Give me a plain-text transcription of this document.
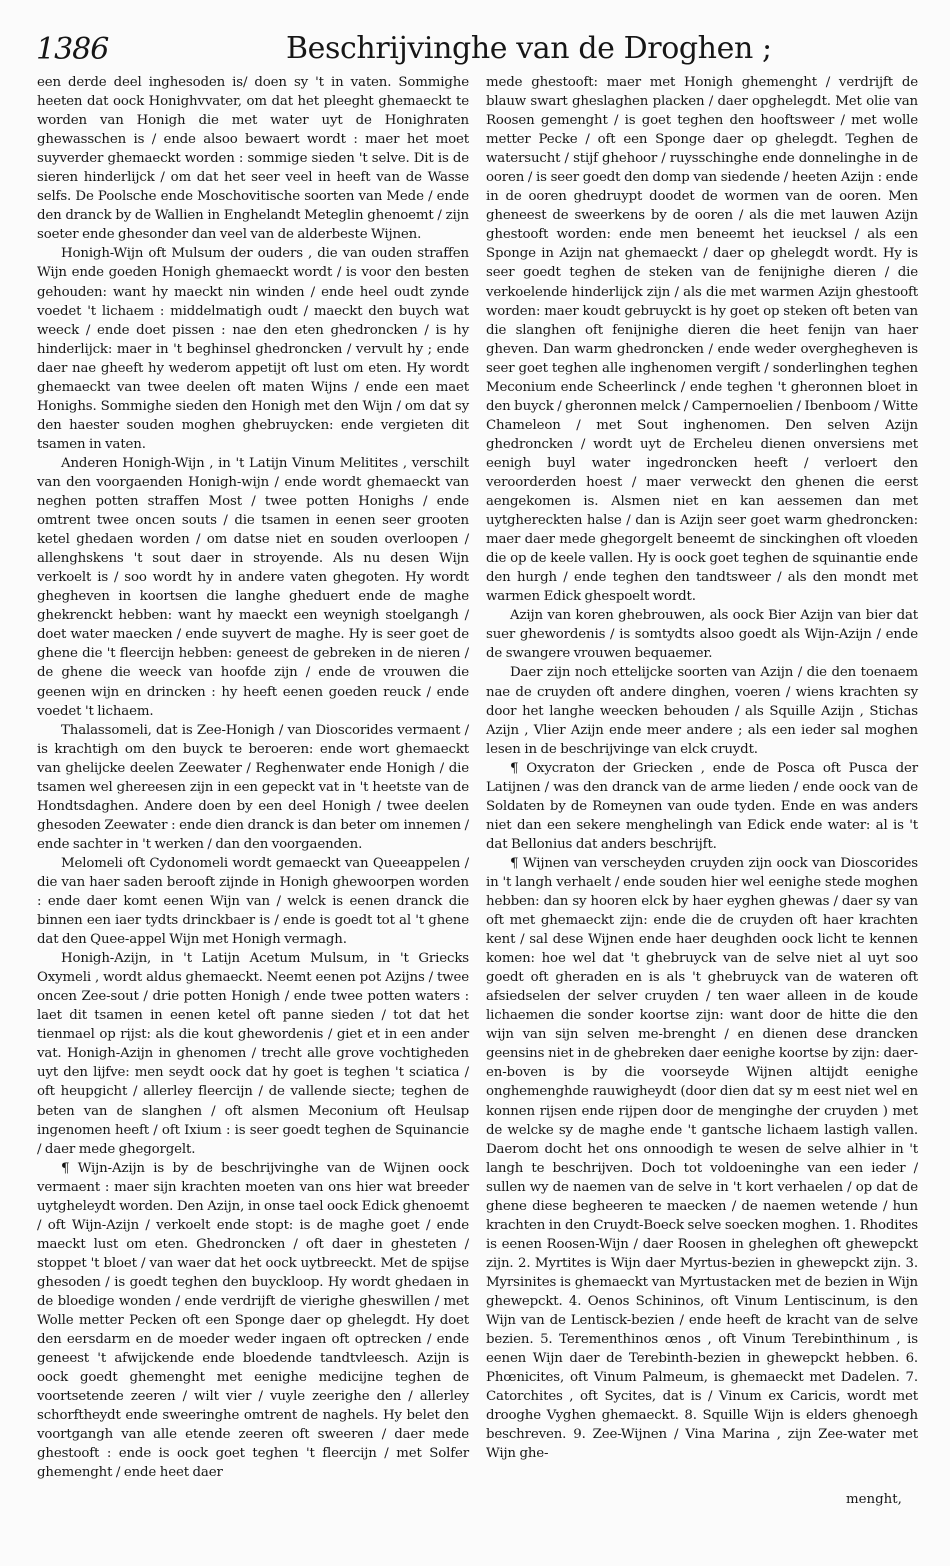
1386	Beschrijvinghe van de Droghen ;

een derde deel inghesoden is/ doen sy 't in vaten. Sommighe heeten dat oock Honighvvater, om dat het pleeght ghemaeckt te worden van Honigh die met water uyt de Honighraten ghewasschen is / ende alsoo bewaert wordt : maer het moet suyverder ghemaeckt worden : sommige sieden 't selve. Dit is de sieren hinderlijck / om dat het seer veel in heeft van de Wasse selfs. De Poolsche ende Moschovitische soorten van Mede / ende den dranck by de Wallien in Enghelandt Meteglin ghenoemt / zijn soeter ende ghesonder dan veel van de alderbeste Wijnen.

Honigh-Wijn oft Mulsum der ouders , die van ouden straffen Wijn ende goeden Honigh ghemaeckt wordt / is voor den besten gehouden: want hy maeckt nin winden / ende heel oudt zynde voedet 't lichaem : middelmatigh oudt / maeckt den buych wat weeck / ende doet pissen : nae den eten ghedroncken / is hy hinderlijck: maer in 't beghinsel ghedroncken / vervult hy ; ende daer nae gheeft hy wederom appetijt oft lust om eten. Hy wordt ghemaeckt van twee deelen oft maten Wijns / ende een maet Honighs. Sommighe sieden den Honigh met den Wijn / om dat sy den haester souden moghen ghebruycken: ende vergieten dit tsamen in vaten.

Anderen Honigh-Wijn , in 't Latijn Vinum Melitites , verschilt van den voorgaenden Honigh-wijn / ende wordt ghemaeckt van neghen potten straffen Most / twee potten Honighs / ende omtrent twee oncen souts / die tsamen in eenen seer grooten ketel ghedaen worden / om datse niet en souden overloopen / allenghskens 't sout daer in stroyende. Als nu desen Wijn verkoelt is / soo wordt hy in andere vaten ghegoten. Hy wordt ghegheven in koortsen die langhe gheduert ende de maghe ghekrenckt hebben: want hy maeckt een weynigh stoelgangh / doet water maecken / ende suyvert de maghe. Hy is seer goet de ghene die 't fleercijn hebben: geneest de gebreken in de nieren / de ghene die weeck van hoofde zijn / ende de vrouwen die geenen wijn en drincken : hy heeft eenen goeden reuck / ende voedet 't lichaem.

Thalassomeli, dat is Zee-Honigh / van Dioscorides vermaent / is krachtigh om den buyck te beroeren: ende wort ghemaeckt van ghelijcke deelen Zeewater / Reghenwater ende Honigh / die tsamen wel ghereesen zijn in een gepeckt vat in 't heetste van de Hondtsdaghen. Andere doen by een deel Honigh / twee deelen ghesoden Zeewater : ende dien dranck is dan beter om innemen / ende sachter in 't werken / dan den voorgaenden.

Melomeli oft Cydonomeli wordt gemaeckt van Queeappelen / die van haer saden berooft zijnde in Honigh ghewoorpen worden : ende daer komt eenen Wijn van / welck is eenen dranck die binnen een iaer tydts drinckbaer is / ende is goedt tot al 't ghene dat den Quee-appel Wijn met Honigh vermagh.

Honigh-Azijn, in 't Latijn Acetum Mulsum, in 't Griecks Oxymeli , wordt aldus ghemaeckt. Neemt eenen pot Azijns / twee oncen Zee-sout / drie potten Honigh / ende twee potten waters : laet dit tsamen in eenen ketel oft panne sieden / tot dat het tienmael op rijst: als die kout ghewordenis / giet et in een ander vat. Honigh-Azijn in ghenomen / trecht alle grove vochtigheden uyt den lijfve: men seydt oock dat hy goet is teghen 't sciatica / oft heupgicht / allerley fleercijn / de vallende siecte; teghen de beten van de slanghen / oft alsmen Meconium oft Heulsap ingenomen heeft / oft Ixium : is seer goedt teghen de Squinancie / daer mede ghegorgelt.

¶ Wijn-Azijn is by de beschrijvinghe van de Wijnen oock vermaent : maer sijn krachten moeten van ons hier wat breeder uytgheleydt worden. Den Azijn, in onse tael oock Edick ghenoemt / oft Wijn-Azijn / verkoelt ende stopt: is de maghe goet / ende maeckt lust om eten. Ghedroncken / oft daer in ghesteten / stoppet 't bloet / van waer dat het oock uytbreeckt. Met de spijse ghesoden / is goedt teghen den buyckloop. Hy wordt ghedaen in de bloedige wonden / ende verdrijft de vierighe gheswillen / met Wolle metter Pecken oft een Sponge daer op ghelegdt. Hy doet den eersdarm en de moeder weder ingaen oft optrecken / ende geneest 't afwijckende ende bloedende tandtvleesch. Azijn is oock goedt ghemenght met eenighe medicijne teghen de voortsetende zeeren / wilt vier / vuyle zeerighe den / allerley schorftheydt ende sweeringhe omtrent de naghels. Hy belet den voortgangh van alle etende zeeren oft sweeren / daer mede ghestooft : ende is oock goet teghen 't fleercijn / met Solfer ghemenght / ende heet daer

mede ghestooft: maer met Honigh ghemenght / verdrijft de blauw swart gheslaghen placken / daer opghelegdt. Met olie van Roosen gemenght / is goet teghen den hooftsweer / met wolle metter Pecke / oft een Sponge daer op ghelegdt. Teghen de watersucht / stijf ghehoor / ruysschinghe ende donnelinghe in de ooren / is seer goedt den domp van siedende / heeten Azijn : ende in de ooren ghedruypt doodet de wormen van de ooren. Men gheneest de sweerkens by de ooren / als die met lauwen Azijn ghestooft worden: ende men beneemt het ieucksel / als een Sponge in Azijn nat ghemaeckt / daer op ghelegdt wordt. Hy is seer goedt teghen de steken van de fenijnighe dieren / die verkoelende hinderlijck zijn / als die met warmen Azijn ghestooft worden: maer koudt gebruyckt is hy goet op steken oft beten van die slanghen oft fenijnighe dieren die heet fenijn van haer gheven. Dan warm ghedroncken / ende weder overghegheven is seer goet teghen alle inghenomen vergift / sonderlinghen teghen Meconium ende Scheerlinck / ende teghen 't gheronnen bloet in den buyck / gheronnen melck / Campernoelien / Ibenboom / Witte Chameleon / met Sout inghenomen. Den selven Azijn ghedroncken / wordt uyt de Ercheleu dienen onversiens met eenigh buyl water ingedroncken heeft / verloert den veroorderden hoest / maer verweckt den ghenen die eerst aengekomen is. Alsmen niet en kan aessemen dan met uytghereckten halse / dan is Azijn seer goet warm ghedroncken: maer daer mede ghegorgelt beneemt de sinckinghen oft vloeden die op de keele vallen. Hy is oock goet teghen de squinantie ende den hurgh / ende teghen den tandtsweer / als den mondt met warmen Edick ghespoelt wordt.

Azijn van koren ghebrouwen, als oock Bier Azijn van bier dat suer ghewordenis / is somtydts alsoo goedt als Wijn-Azijn / ende de swangere vrouwen bequaemer.

Daer zijn noch ettelijcke soorten van Azijn / die den toenaem nae de cruyden oft andere dinghen, voeren / wiens krachten sy door het langhe weecken behouden / als Squille Azijn , Stichas Azijn , Vlier Azijn ende meer andere ; als een ieder sal moghen lesen in de beschrijvinge van elck cruydt.

¶ Oxycraton der Griecken , ende de Posca oft Pusca der Latijnen / was den dranck van de arme lieden / ende oock van de Soldaten by de Romeynen van oude tyden. Ende en was anders niet dan een sekere menghelingh van Edick ende water: al is 't dat Bellonius dat anders beschrijft.

¶ Wijnen van verscheyden cruyden zijn oock van Dioscorides in 't langh verhaelt / ende souden hier wel eenighe stede moghen hebben: dan sy hooren elck by haer eyghen ghewas / daer sy van oft met ghemaeckt zijn: ende die de cruyden oft haer krachten kent / sal dese Wijnen ende haer deughden oock licht te kennen komen: hoe wel dat 't ghebruyck van de selve niet al uyt soo goedt oft gheraden en is als 't ghebruyck van de wateren oft afsiedselen der selver cruyden / ten waer alleen in de koude lichaemen die sonder koortse zijn: want door de hitte die den wijn van sijn selven me-brenght / en dienen dese drancken geensins niet in de ghebreken daer eenighe koortse by zijn: daer-en-boven is by die voorseyde Wijnen altijdt eenighe onghemenghde rauwigheydt (door dien dat sy m eest niet wel en konnen rijsen ende rijpen door de menginghe der cruyden ) met de welcke sy de maghe ende 't gantsche lichaem lastigh vallen. Daerom docht het ons onnoodigh te wesen de selve alhier in 't langh te beschrijven. Doch tot voldoeninghe van een ieder / sullen wy de naemen van de selve in 't kort verhaelen / op dat de ghene diese begheeren te maecken / de naemen wetende / hun krachten in den Cruydt-Boeck selve soecken moghen. 1. Rhodites is eenen Roosen-Wijn / daer Roosen in gheleghen oft ghewepckt zijn. 2. Myrtites is Wijn daer Myrtus-bezien in ghewepckt zijn. 3. Myrsinites is ghemaeckt van Myrtustacken met de bezien in Wijn ghewepckt. 4. Oenos Schininos, oft Vinum Lentiscinum, is den Wijn van de Lentisck-bezien / ende heeft de kracht van de selve bezien. 5. Terementhinos œnos , oft Vinum Terebinthinum , is eenen Wijn daer de Terebinth-bezien in ghewepckt hebben. 6. Phœnicites, oft Vinum Palmeum, is ghemaeckt met Dadelen. 7. Catorchites , oft Sycites, dat is / Vinum ex Caricis, wordt met drooghe Vyghen ghemaeckt. 8. Squille Wijn is elders ghenoegh beschreven. 9. Zee-Wijnen / Vina Marina , zijn Zee-water met Wijn ghe-

menght,
